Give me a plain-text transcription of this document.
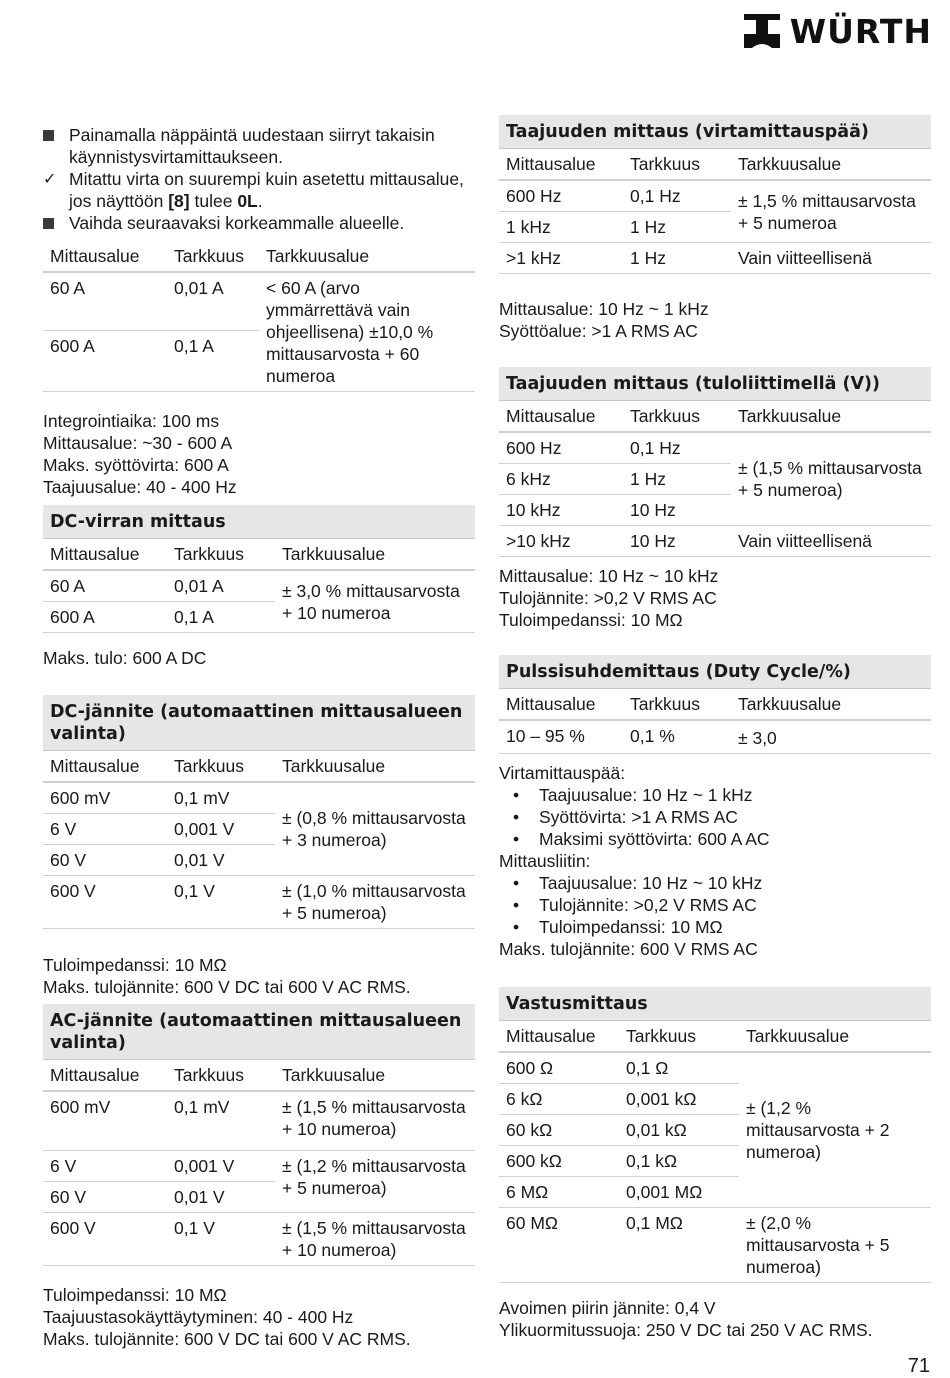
WÜRTH
Painamalla näppäintä uudestaan siirryt takaisin käynnistysvirtamittaukseen.
✓ Mitattu virta on suurempi kuin asetettu mittausalue, jos näyttöön [8] tulee 0L.
Vaihda seuraavaksi korkeammalle alueelle.
Mittausalue	Tarkkuus	Tarkkuusalue
60 A	0,01 A	< 60 A (arvo ymmärrettävä vain ohjeellisena) ±10,0 % mittausarvosta + 60 numeroa
600 A	0,1 A	

Integrointiaika: 100 ms

Mittausalue: ~30 - 600 A

Maks. syöttövirta: 600 A

Taajuusalue: 40 - 400 Hz

DC-virran mittaus
Mittausalue	Tarkkuus	Tarkkuusalue
60 A	0,01 A	± 3,0 % mittausarvosta + 10 numeroa
600 A	0,1 A	

Maks. tulo: 600 A DC

DC-jännite (automaattinen mittausalueen valinta)
Mittausalue	Tarkkuus	Tarkkuusalue
600 mV	0,1 mV	± (0,8 % mittausarvosta + 3 numeroa)
6 V	0,001 V	
60 V	0,01 V	
600 V	0,1 V	± (1,0 % mittausarvosta + 5 numeroa)

Tuloimpedanssi: 10 MΩ

Maks. tulojännite: 600 V DC tai 600 V AC RMS.

AC-jännite (automaattinen mittausalueen valinta)
Mittausalue	Tarkkuus	Tarkkuusalue
600 mV	0,1 mV	± (1,5 % mittausarvosta + 10 numeroa)
6 V	0,001 V	± (1,2 % mittausarvosta + 5 numeroa)
60 V	0,01 V	
600 V	0,1 V	± (1,5 % mittausarvosta + 10 numeroa)

Tuloimpedanssi: 10 MΩ

Taajuustasokäyttäytyminen: 40 - 400 Hz

Maks. tulojännite: 600 V DC tai 600 V AC RMS.

Taajuuden mittaus (virtamittauspää)
Mittausalue	Tarkkuus	Tarkkuusalue
600 Hz	0,1 Hz	± 1,5 % mittausarvosta + 5 numeroa
1 kHz	1 Hz	
>1 kHz	1 Hz	Vain viitteellisenä

Mittausalue: 10 Hz ~ 1 kHz

Syöttöalue: >1 A RMS AC

Taajuuden mittaus (tuloliittimellä (V))
Mittausalue	Tarkkuus	Tarkkuusalue
600 Hz	0,1 Hz	± (1,5 % mittausarvosta + 5 numeroa)
6 kHz	1 Hz	
10 kHz	10 Hz	
>10 kHz	10 Hz	Vain viitteellisenä

Mittausalue: 10 Hz ~ 10 kHz

Tulojännite: >0,2 V RMS AC

Tuloimpedanssi: 10 MΩ

Pulssisuhdemittaus (Duty Cycle/%)
Mittausalue	Tarkkuus	Tarkkuusalue
10 – 95 %	0,1 %	± 3,0

Virtamittauspää:

•	Taajuusalue: 10 Hz ~ 1 kHz
•	Syöttövirta: >1 A RMS AC
•	Maksimi syöttövirta: 600 A AC

Mittausliitin:

•	Taajuusalue: 10 Hz ~ 10 kHz
•	Tulojännite: >0,2 V RMS AC
•	Tuloimpedanssi: 10 MΩ

Maks. tulojännite: 600 V RMS AC

Vastusmittaus
Mittausalue	Tarkkuus	Tarkkuusalue
600 Ω	0,1 Ω	± (1,2 % mittausarvosta + 2 numeroa)
6 kΩ	0,001 kΩ	
60 kΩ	0,01 kΩ	
600 kΩ	0,1 kΩ	
6 MΩ	0,001 MΩ	
60 MΩ	0,1 MΩ	± (2,0 % mittausarvosta + 5 numeroa)

Avoimen piirin jännite: 0,4 V

Ylikuormitussuoja: 250 V DC tai 250 V AC RMS.

71
